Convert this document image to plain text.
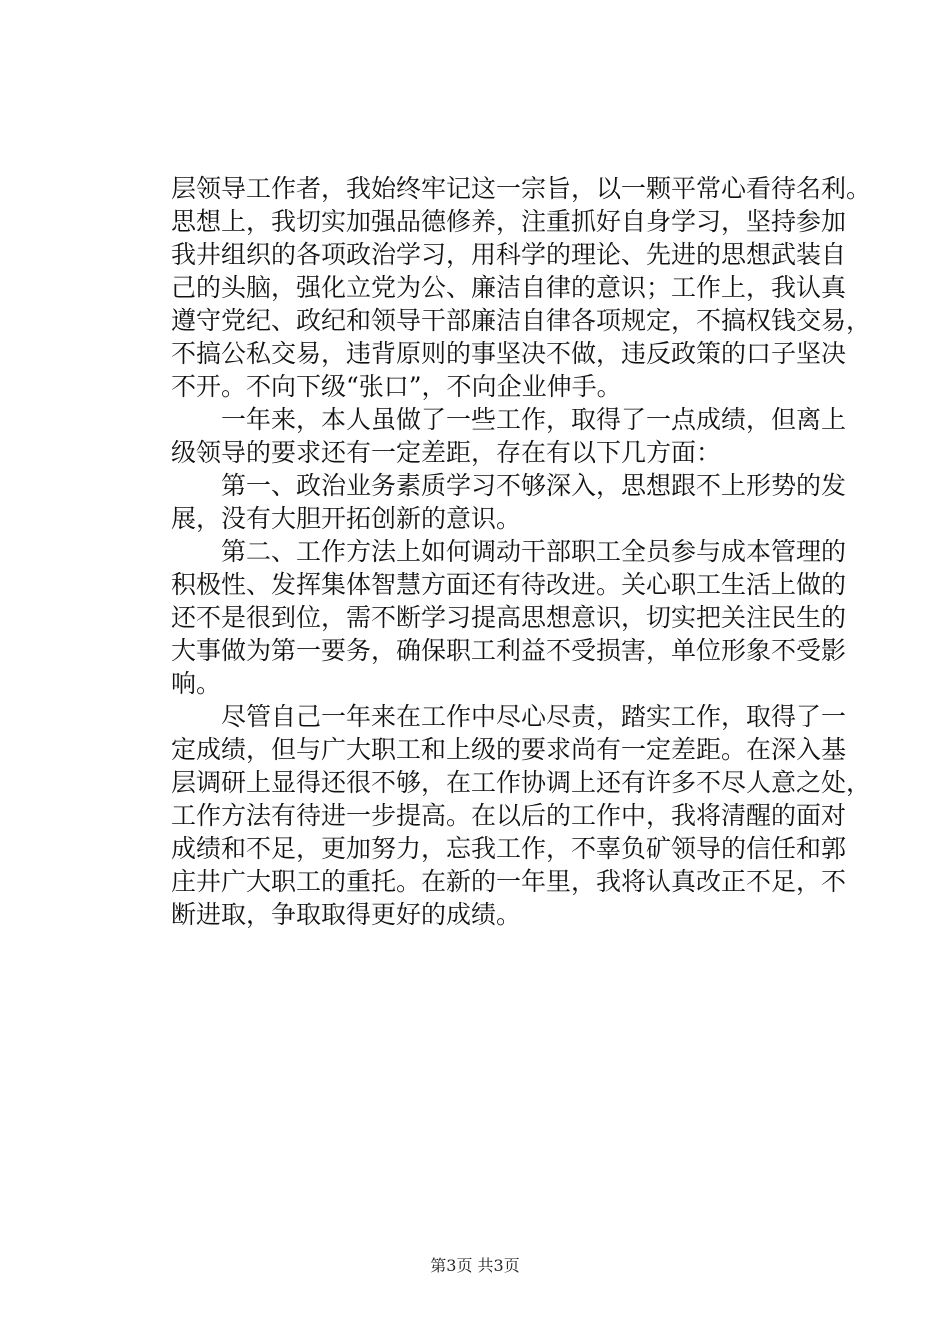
层领导工作者，我始终牢记这一宗旨，以一颗平常心看待名利。
思想上，我切实加强品德修养，注重抓好自身学习，坚持参加
我井组织的各项政治学习，用科学的理论、先进的思想武装自
己的头脑，强化立党为公、廉洁自律的意识；工作上，我认真
遵守党纪、政纪和领导干部廉洁自律各项规定，不搞权钱交易，
不搞公私交易，违背原则的事坚决不做，违反政策的口子坚决
不开。不向下级“张口”，不向企业伸手。
一年来，本人虽做了一些工作，取得了一点成绩，但离上
级领导的要求还有一定差距，存在有以下几方面：
第一、政治业务素质学习不够深入，思想跟不上形势的发
展，没有大胆开拓创新的意识。
第二、工作方法上如何调动干部职工全员参与成本管理的
积极性、发挥集体智慧方面还有待改进。关心职工生活上做的
还不是很到位，需不断学习提高思想意识，切实把关注民生的
大事做为第一要务，确保职工利益不受损害，单位形象不受影
响。
尽管自己一年来在工作中尽心尽责，踏实工作，取得了一
定成绩，但与广大职工和上级的要求尚有一定差距。在深入基
层调研上显得还很不够，在工作协调上还有许多不尽人意之处，
工作方法有待进一步提高。在以后的工作中，我将清醒的面对
成绩和不足，更加努力，忘我工作，不辜负矿领导的信任和郭
庄井广大职工的重托。在新的一年里，我将认真改正不足，不
断进取，争取取得更好的成绩。
第3页 共3页
